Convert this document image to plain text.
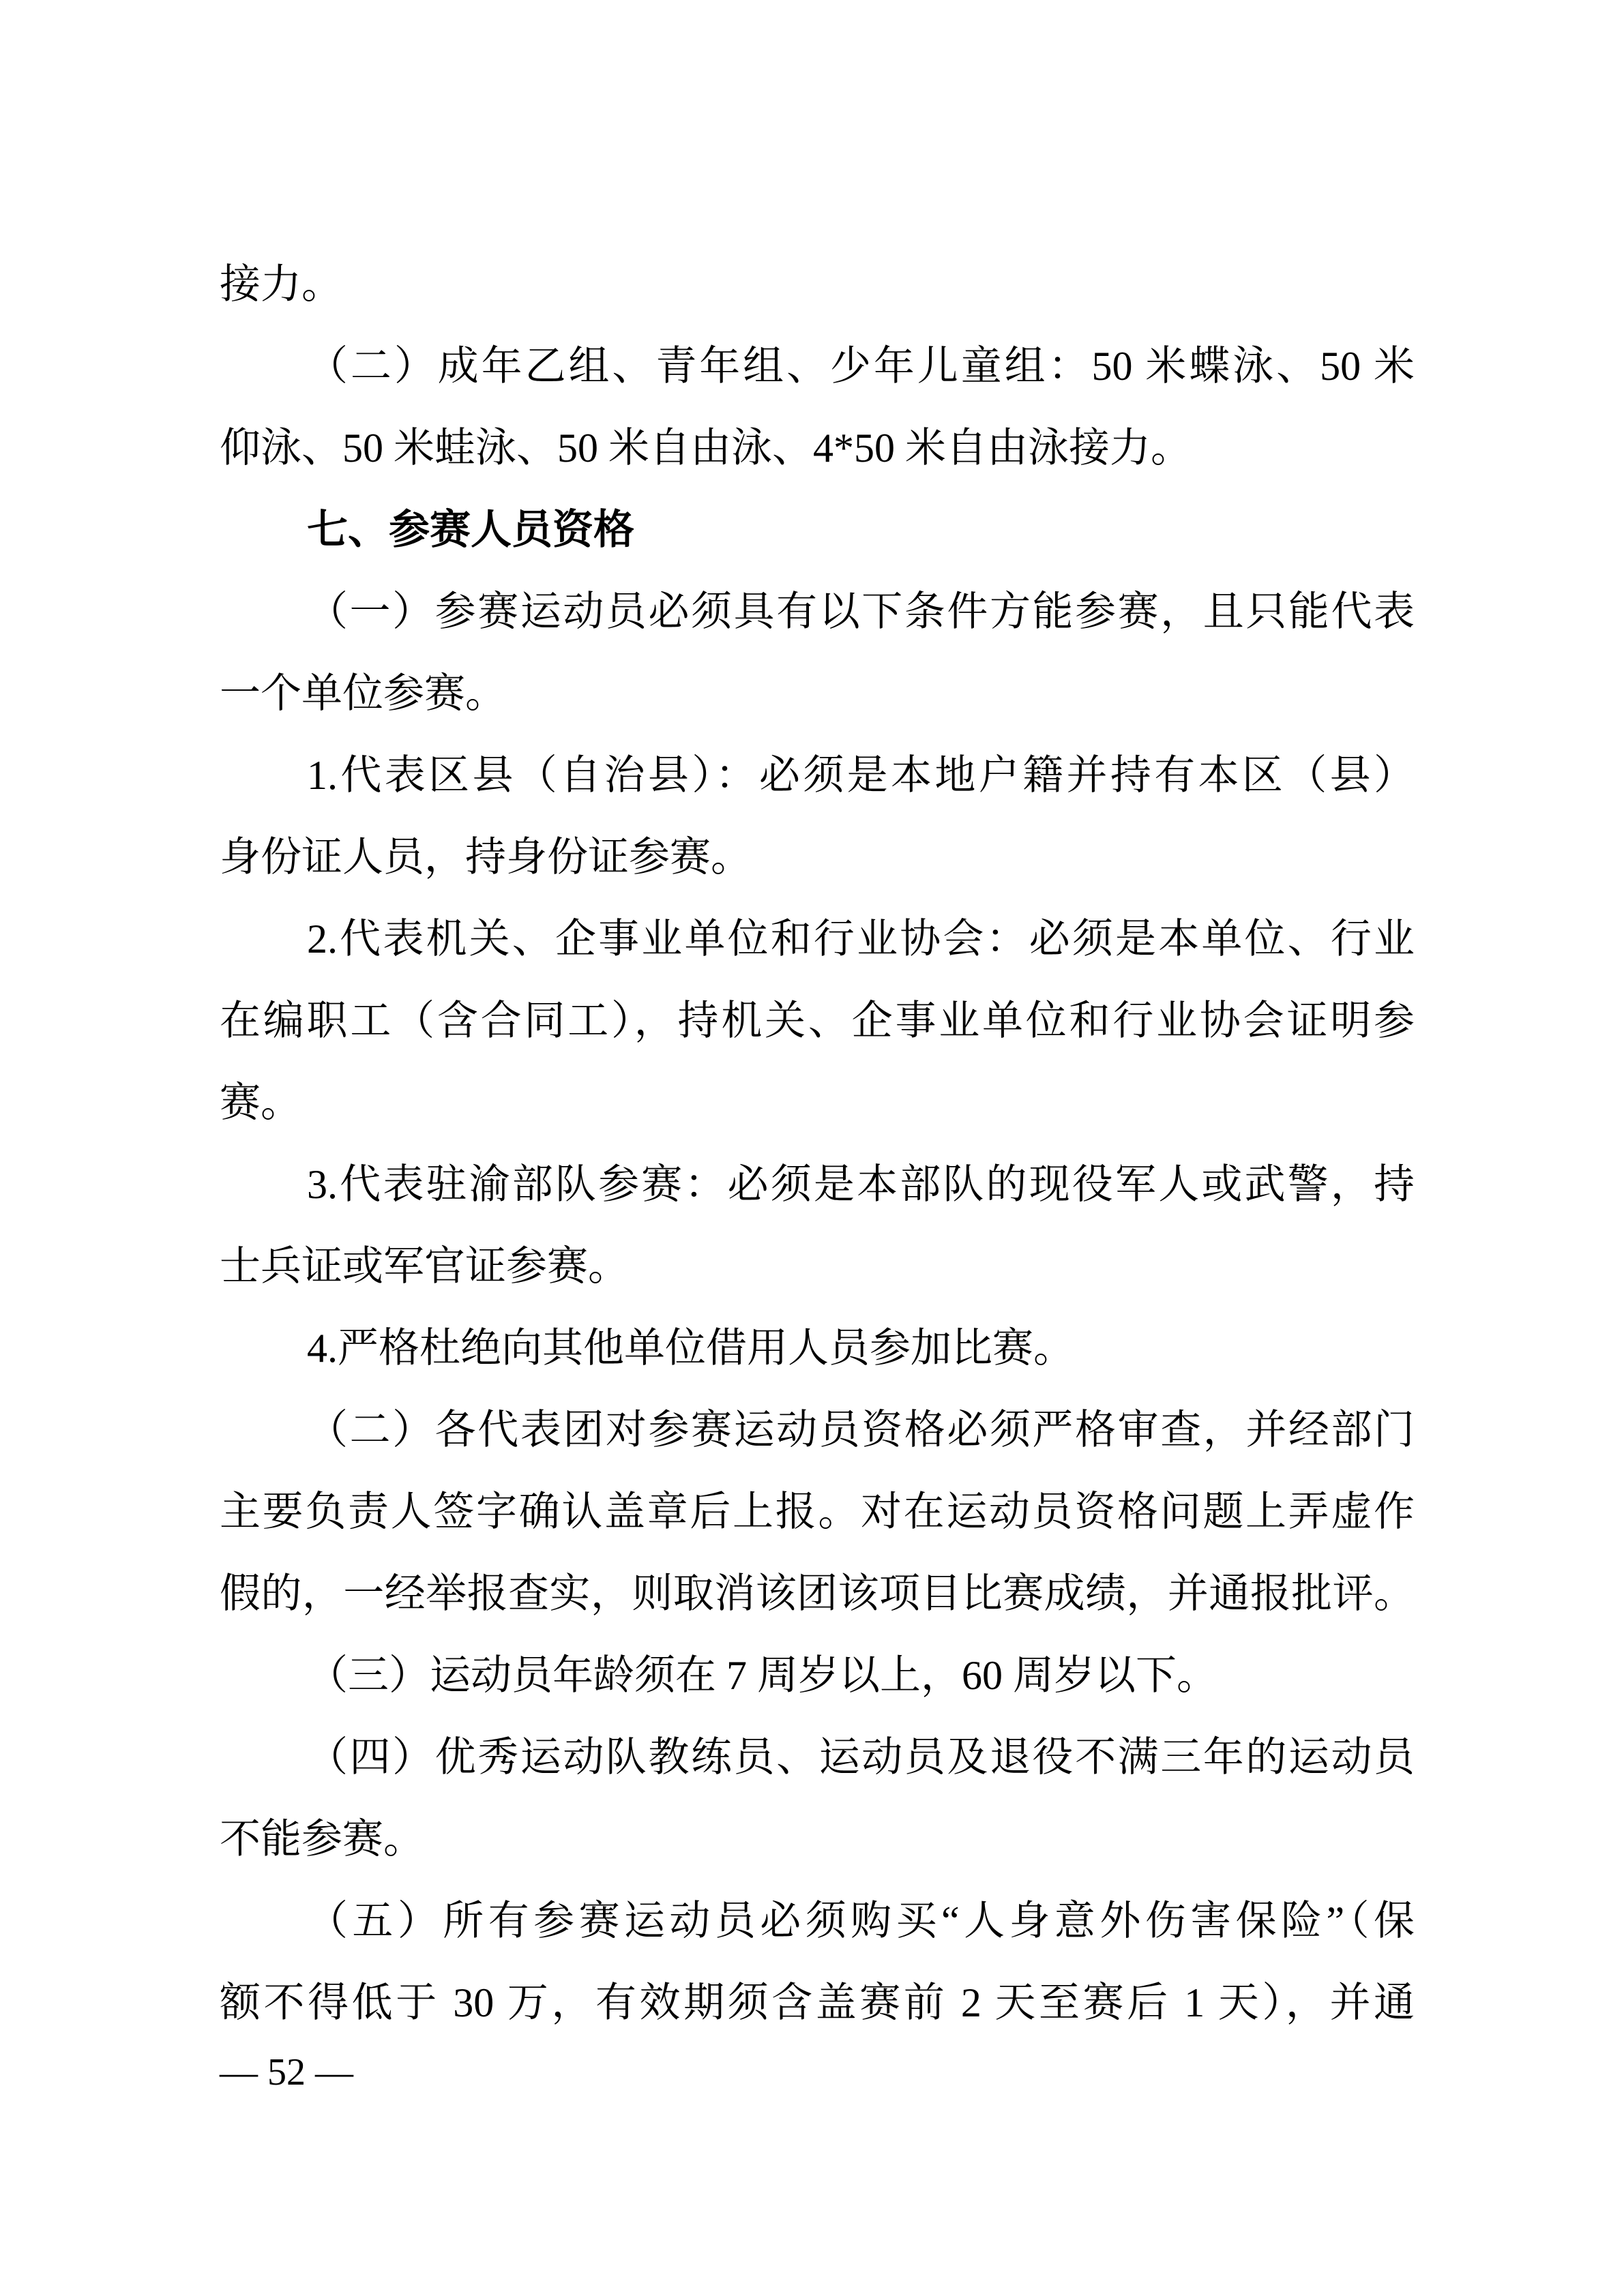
接力。
（二）成年乙组、青年组、少年儿童组：50 米蝶泳、50 米
仰泳、50 米蛙泳、50 米自由泳、4*50 米自由泳接力。
七、参赛人员资格
（一）参赛运动员必须具有以下条件方能参赛，且只能代表
一个单位参赛。
1.代表区县（自治县）：必须是本地户籍并持有本区（县）
身份证人员，持身份证参赛。
2.代表机关、企事业单位和行业协会：必须是本单位、行业
在编职工（含合同工），持机关、企事业单位和行业协会证明参
赛。
3.代表驻渝部队参赛：必须是本部队的现役军人或武警，持
士兵证或军官证参赛。
4.严格杜绝向其他单位借用人员参加比赛。
（二）各代表团对参赛运动员资格必须严格审查，并经部门
主要负责人签字确认盖章后上报。对在运动员资格问题上弄虚作
假的，一经举报查实，则取消该团该项目比赛成绩，并通报批评。
（三）运动员年龄须在 7 周岁以上，60 周岁以下。
（四）优秀运动队教练员、运动员及退役不满三年的运动员
不能参赛。
（五）所有参赛运动员必须购买“人身意外伤害保险”（保
额不得低于 30 万，有效期须含盖赛前 2 天至赛后 1 天），并通
— 52 —
